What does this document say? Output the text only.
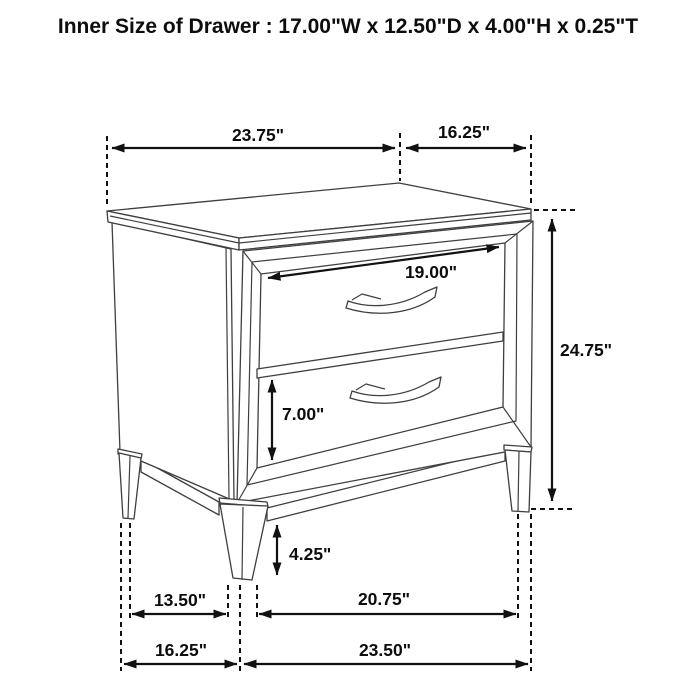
Inner Size of Drawer : 17.00"W x 12.50"D x 4.00"H x 0.25"T
23.75"	16.25"
19.00"
7.00"
24.75"
4.25"
13.50"	20.75"
16.25"	23.50"
